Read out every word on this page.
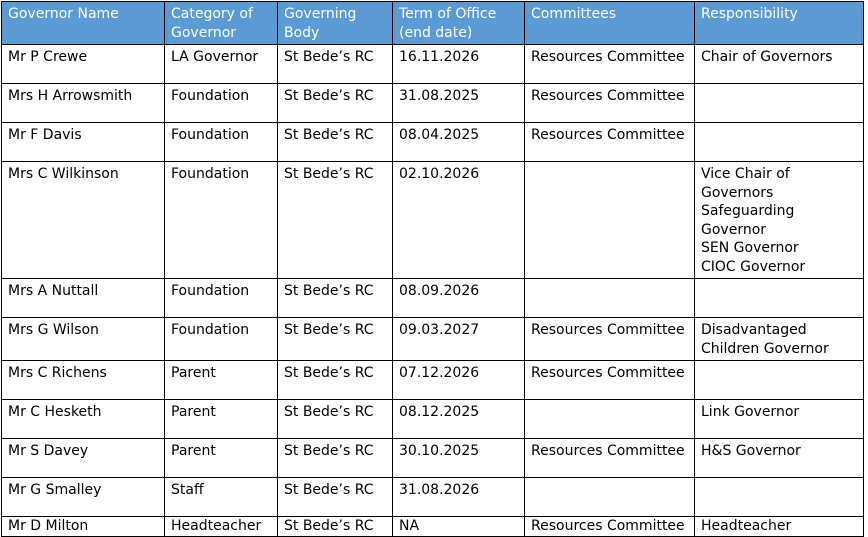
Governor Name	Category of Governor	Governing Body	Term of Office (end date)	Committees	Responsibility
Mr P Crewe	LA Governor	St Bede’s RC	16.11.2026	Resources Committee	Chair of Governors
Mrs H Arrowsmith	Foundation	St Bede’s RC	31.08.2025	Resources Committee	
Mr F Davis	Foundation	St Bede’s RC	08.04.2025	Resources Committee	
Mrs C Wilkinson	Foundation	St Bede’s RC	02.10.2026		Vice Chair of Governors
Safeguarding Governor
SEN Governor
CIOC Governor
Mrs A Nuttall	Foundation	St Bede’s RC	08.09.2026		
Mrs G Wilson	Foundation	St Bede’s RC	09.03.2027	Resources Committee	Disadvantaged Children Governor
Mrs C Richens	Parent	St Bede’s RC	07.12.2026	Resources Committee	
Mr C Hesketh	Parent	St Bede’s RC	08.12.2025		Link Governor
Mr S Davey	Parent	St Bede’s RC	30.10.2025	Resources Committee	H&S Governor
Mr G Smalley	Staff	St Bede’s RC	31.08.2026		
Mr D Milton	Headteacher	St Bede’s RC	NA	Resources Committee	Headteacher
